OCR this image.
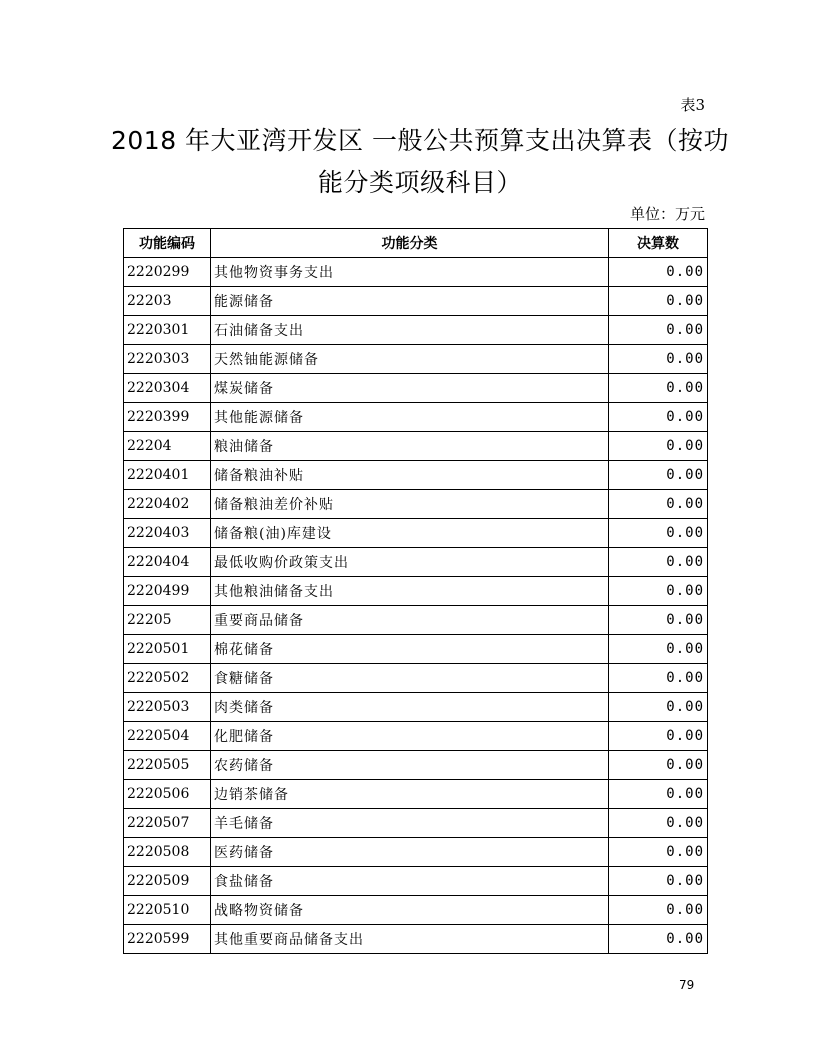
表3
2018 年大亚湾开发区 一般公共预算支出决算表（按功
能分类项级科目）
单位：万元
功能编码	功能分类	决算数
2220299	其他物资事务支出	0.00
22203	能源储备	0.00
2220301	石油储备支出	0.00
2220303	天然铀能源储备	0.00
2220304	煤炭储备	0.00
2220399	其他能源储备	0.00
22204	粮油储备	0.00
2220401	储备粮油补贴	0.00
2220402	储备粮油差价补贴	0.00
2220403	储备粮(油)库建设	0.00
2220404	最低收购价政策支出	0.00
2220499	其他粮油储备支出	0.00
22205	重要商品储备	0.00
2220501	棉花储备	0.00
2220502	食糖储备	0.00
2220503	肉类储备	0.00
2220504	化肥储备	0.00
2220505	农药储备	0.00
2220506	边销茶储备	0.00
2220507	羊毛储备	0.00
2220508	医药储备	0.00
2220509	食盐储备	0.00
2220510	战略物资储备	0.00
2220599	其他重要商品储备支出	0.00
79
